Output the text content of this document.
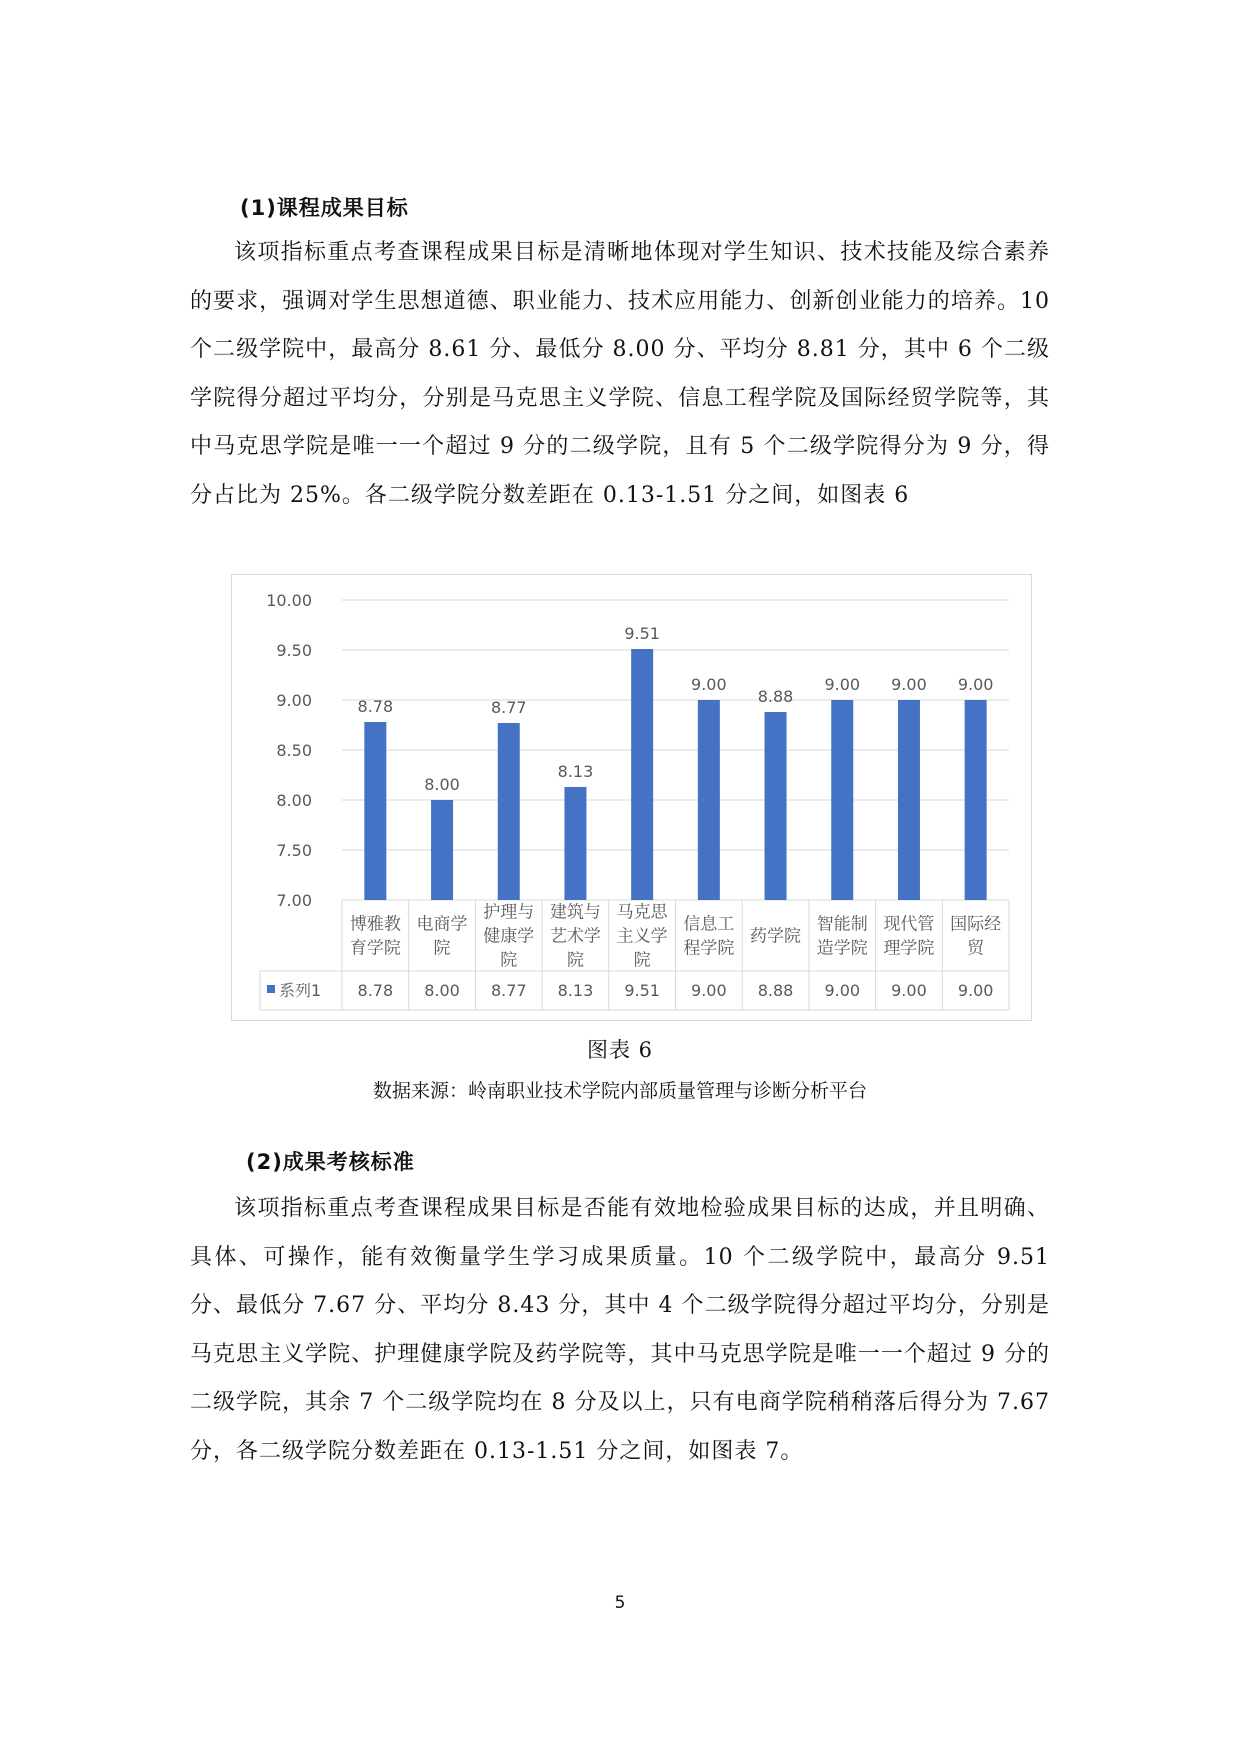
(1)课程成果目标
该项指标重点考查课程成果目标是清晰地体现对学生知识、技术技能及综合素养的要求，强调对学生思想道德、职业能力、技术应用能力、创新创业能力的培养。10 个二级学院中，最高分 8.61 分、最低分 8.00 分、平均分 8.81 分，其中 6 个二级学院得分超过平均分，分别是马克思主义学院、信息工程学院及国际经贸学院等，其中马克思学院是唯一一个超过 9 分的二级学院，且有 5 个二级学院得分为 9 分，得分占比为 25%。各二级学院分数差距在 0.13-1.51 分之间，如图表 6
7.00
7.50
8.00
8.50
9.00
9.50
10.00
8.78
博雅教
育学院
8.78
8.00
电商学
院
8.00
8.77
护理与
健康学
院
8.77
8.13
建筑与
艺术学
院
8.13
9.51
马克思
主义学
院
9.51
9.00
信息工
程学院
9.00
8.88
药学院
8.88
9.00
智能制
造学院
9.00
9.00
现代管
理学院
9.00
9.00
国际经
贸
9.00
系列1
图表 6
数据来源：岭南职业技术学院内部质量管理与诊断分析平台
(2)成果考核标准
该项指标重点考查课程成果目标是否能有效地检验成果目标的达成，并且明确、具体、可操作，能有效衡量学生学习成果质量。10 个二级学院中，最高分 9.51 分、最低分 7.67 分、平均分 8.43 分，其中 4 个二级学院得分超过平均分，分别是马克思主义学院、护理健康学院及药学院等，其中马克思学院是唯一一个超过 9 分的二级学院，其余 7 个二级学院均在 8 分及以上，只有电商学院稍稍落后得分为 7.67 分，各二级学院分数差距在 0.13-1.51 分之间，如图表 7。
5
